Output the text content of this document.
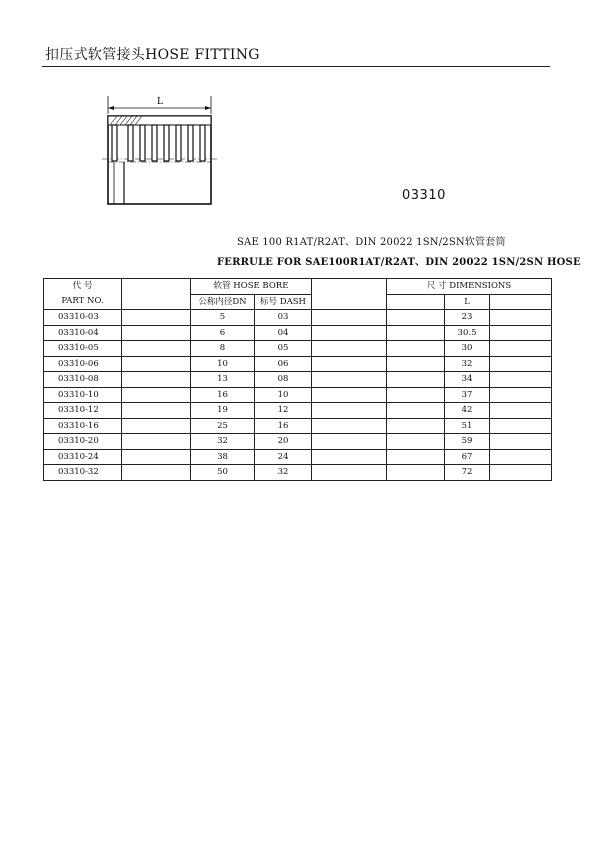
扣压式软管接头HOSE FITTING
L
03310
SAE 100 R1AT/R2AT、DIN 20022 1SN/2SN软管套筒
FERRULE FOR SAE100R1AT/R2AT、DIN 20022 1SN/2SN HOSE
代 号		软管 HOSE BORE			尺 寸 DIMENSIONS		
PART NO.		公称内径DN	标号 DASH			L	
03310-03		5	03			23	
03310-04		6	04			30.5	
03310-05		8	05			30	
03310-06		10	06			32	
03310-08		13	08			34	
03310-10		16	10			37	
03310-12		19	12			42	
03310-16		25	16			51	
03310-20		32	20			59	
03310-24		38	24			67	
03310-32		50	32			72	
